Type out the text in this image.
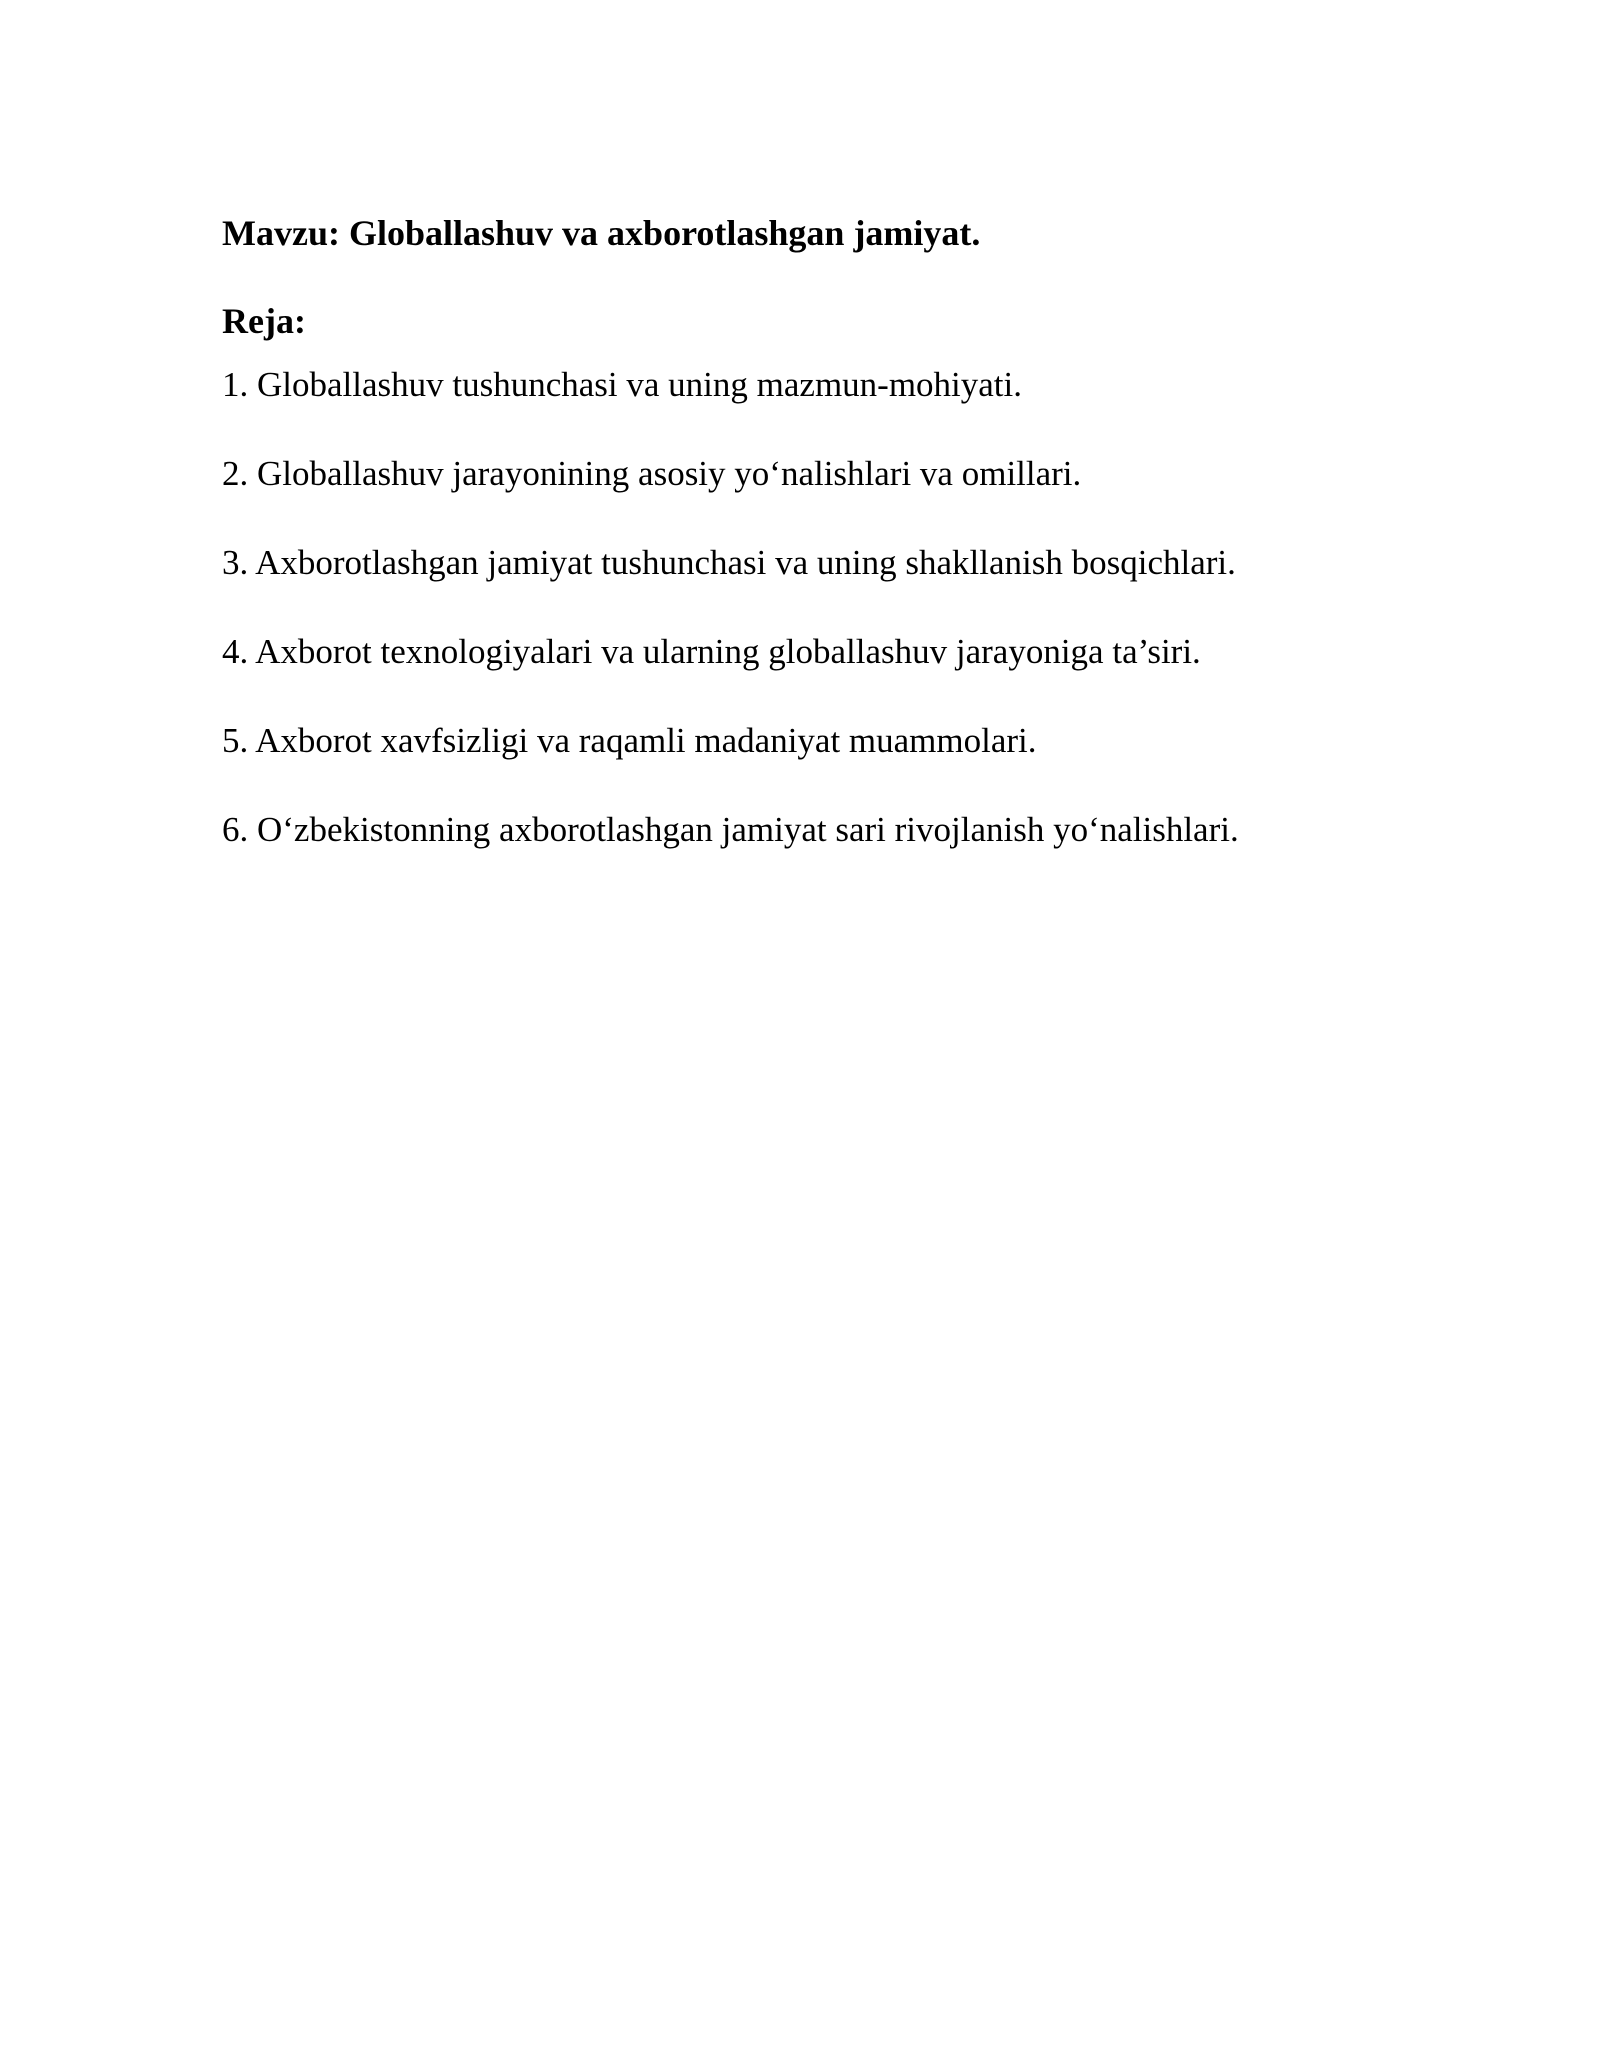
Mavzu: Globallashuv va axborotlashgan jamiyat.
Reja:
1. Globallashuv tushunchasi va uning mazmun-mohiyati.
2. Globallashuv jarayonining asosiy yo‘nalishlari va omillari.
3. Axborotlashgan jamiyat tushunchasi va uning shakllanish bosqichlari.
4. Axborot texnologiyalari va ularning globallashuv jarayoniga ta’siri.
5. Axborot xavfsizligi va raqamli madaniyat muammolari.
6. O‘zbekistonning axborotlashgan jamiyat sari rivojlanish yo‘nalishlari.
